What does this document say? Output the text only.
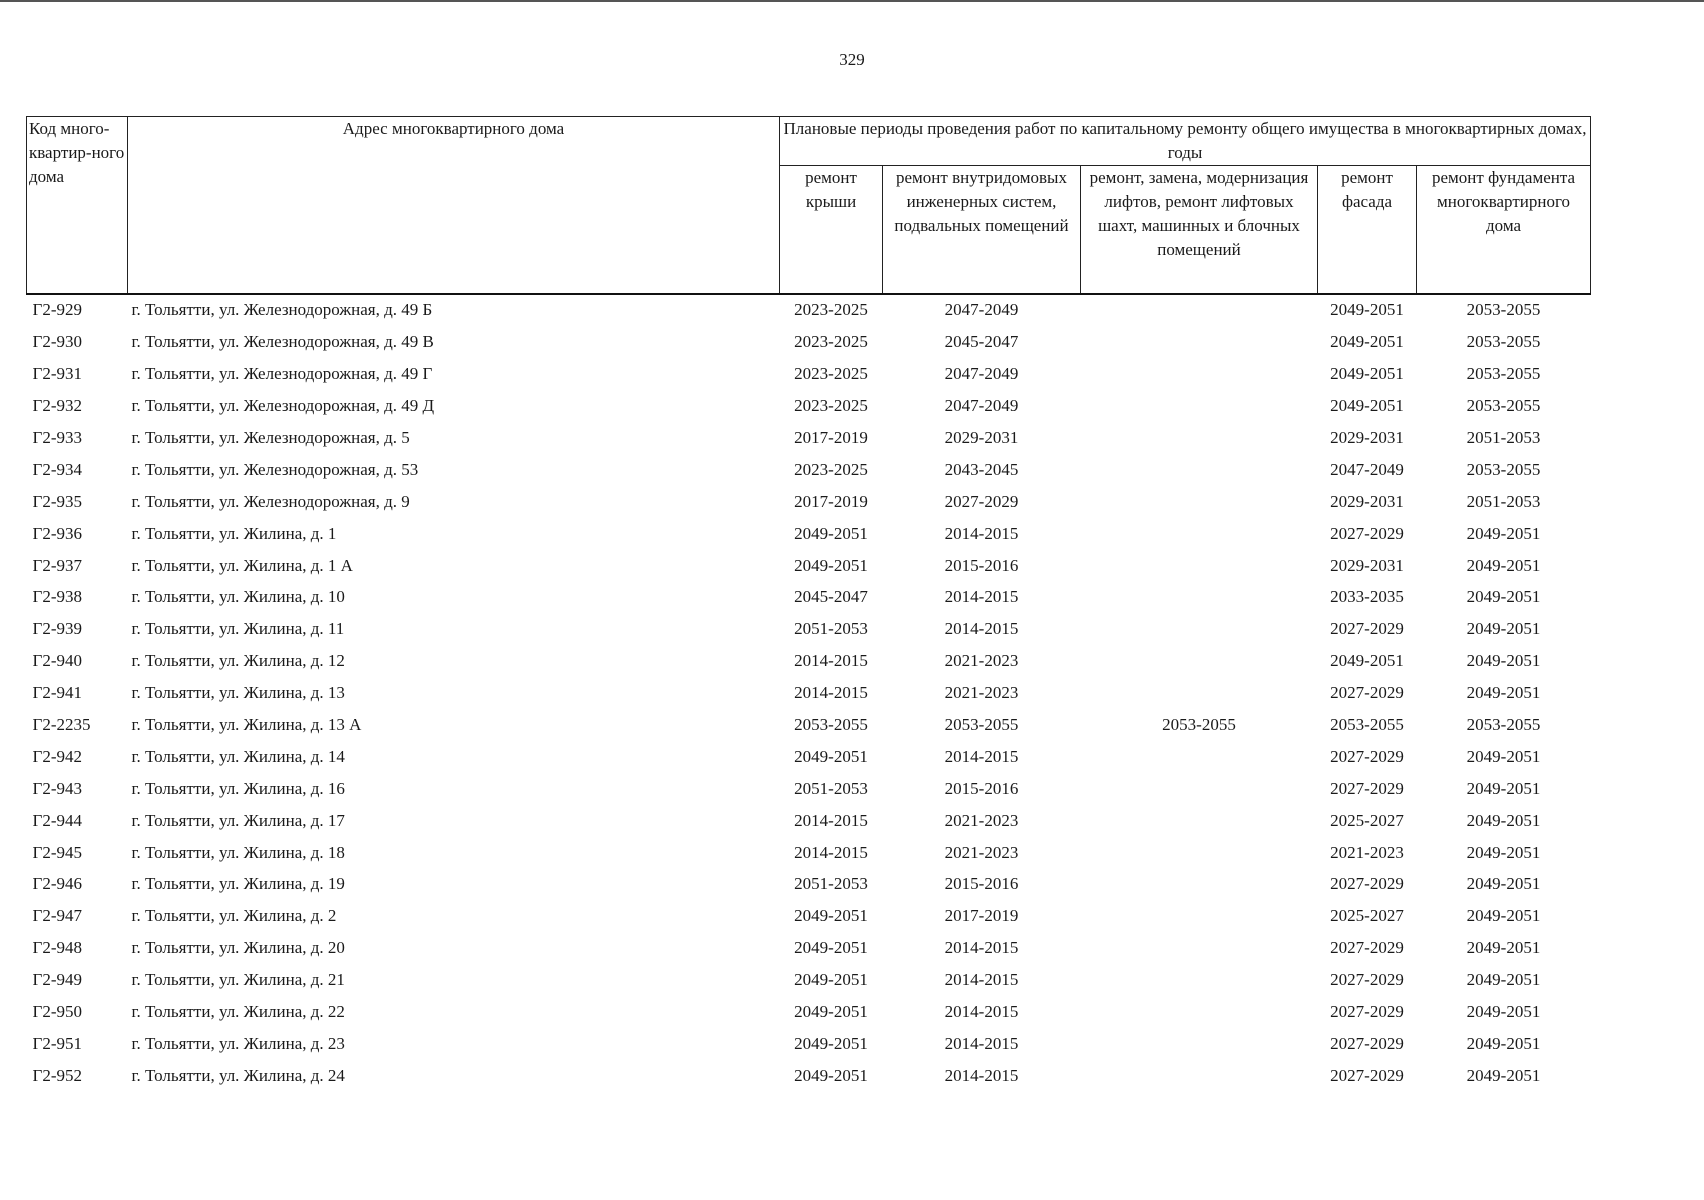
329
Код много-квартир-ного дома	Адрес многоквартирного дома	Плановые периоды проведения работ по капитальному ремонту общего имущества в многоквартирных домах, годы				
		ремонт крыши	ремонт внутридомовых инженерных систем, подвальных помещений	ремонт, замена, модернизация лифтов, ремонт лифтовых шахт, машинных и блочных помещений	ремонт фасада	ремонт фундамента многоквартирного дома
Г2-929	г. Тольятти, ул. Железнодорожная, д. 49 Б	2023-2025	2047-2049		2049-2051	2053-2055
Г2-930	г. Тольятти, ул. Железнодорожная, д. 49 В	2023-2025	2045-2047		2049-2051	2053-2055
Г2-931	г. Тольятти, ул. Железнодорожная, д. 49 Г	2023-2025	2047-2049		2049-2051	2053-2055
Г2-932	г. Тольятти, ул. Железнодорожная, д. 49 Д	2023-2025	2047-2049		2049-2051	2053-2055
Г2-933	г. Тольятти, ул. Железнодорожная, д. 5	2017-2019	2029-2031		2029-2031	2051-2053
Г2-934	г. Тольятти, ул. Железнодорожная, д. 53	2023-2025	2043-2045		2047-2049	2053-2055
Г2-935	г. Тольятти, ул. Железнодорожная, д. 9	2017-2019	2027-2029		2029-2031	2051-2053
Г2-936	г. Тольятти, ул. Жилина, д. 1	2049-2051	2014-2015		2027-2029	2049-2051
Г2-937	г. Тольятти, ул. Жилина, д. 1 А	2049-2051	2015-2016		2029-2031	2049-2051
Г2-938	г. Тольятти, ул. Жилина, д. 10	2045-2047	2014-2015		2033-2035	2049-2051
Г2-939	г. Тольятти, ул. Жилина, д. 11	2051-2053	2014-2015		2027-2029	2049-2051
Г2-940	г. Тольятти, ул. Жилина, д. 12	2014-2015	2021-2023		2049-2051	2049-2051
Г2-941	г. Тольятти, ул. Жилина, д. 13	2014-2015	2021-2023		2027-2029	2049-2051
Г2-2235	г. Тольятти, ул. Жилина, д. 13 А	2053-2055	2053-2055	2053-2055	2053-2055	2053-2055
Г2-942	г. Тольятти, ул. Жилина, д. 14	2049-2051	2014-2015		2027-2029	2049-2051
Г2-943	г. Тольятти, ул. Жилина, д. 16	2051-2053	2015-2016		2027-2029	2049-2051
Г2-944	г. Тольятти, ул. Жилина, д. 17	2014-2015	2021-2023		2025-2027	2049-2051
Г2-945	г. Тольятти, ул. Жилина, д. 18	2014-2015	2021-2023		2021-2023	2049-2051
Г2-946	г. Тольятти, ул. Жилина, д. 19	2051-2053	2015-2016		2027-2029	2049-2051
Г2-947	г. Тольятти, ул. Жилина, д. 2	2049-2051	2017-2019		2025-2027	2049-2051
Г2-948	г. Тольятти, ул. Жилина, д. 20	2049-2051	2014-2015		2027-2029	2049-2051
Г2-949	г. Тольятти, ул. Жилина, д. 21	2049-2051	2014-2015		2027-2029	2049-2051
Г2-950	г. Тольятти, ул. Жилина, д. 22	2049-2051	2014-2015		2027-2029	2049-2051
Г2-951	г. Тольятти, ул. Жилина, д. 23	2049-2051	2014-2015		2027-2029	2049-2051
Г2-952	г. Тольятти, ул. Жилина, д. 24	2049-2051	2014-2015		2027-2029	2049-2051
